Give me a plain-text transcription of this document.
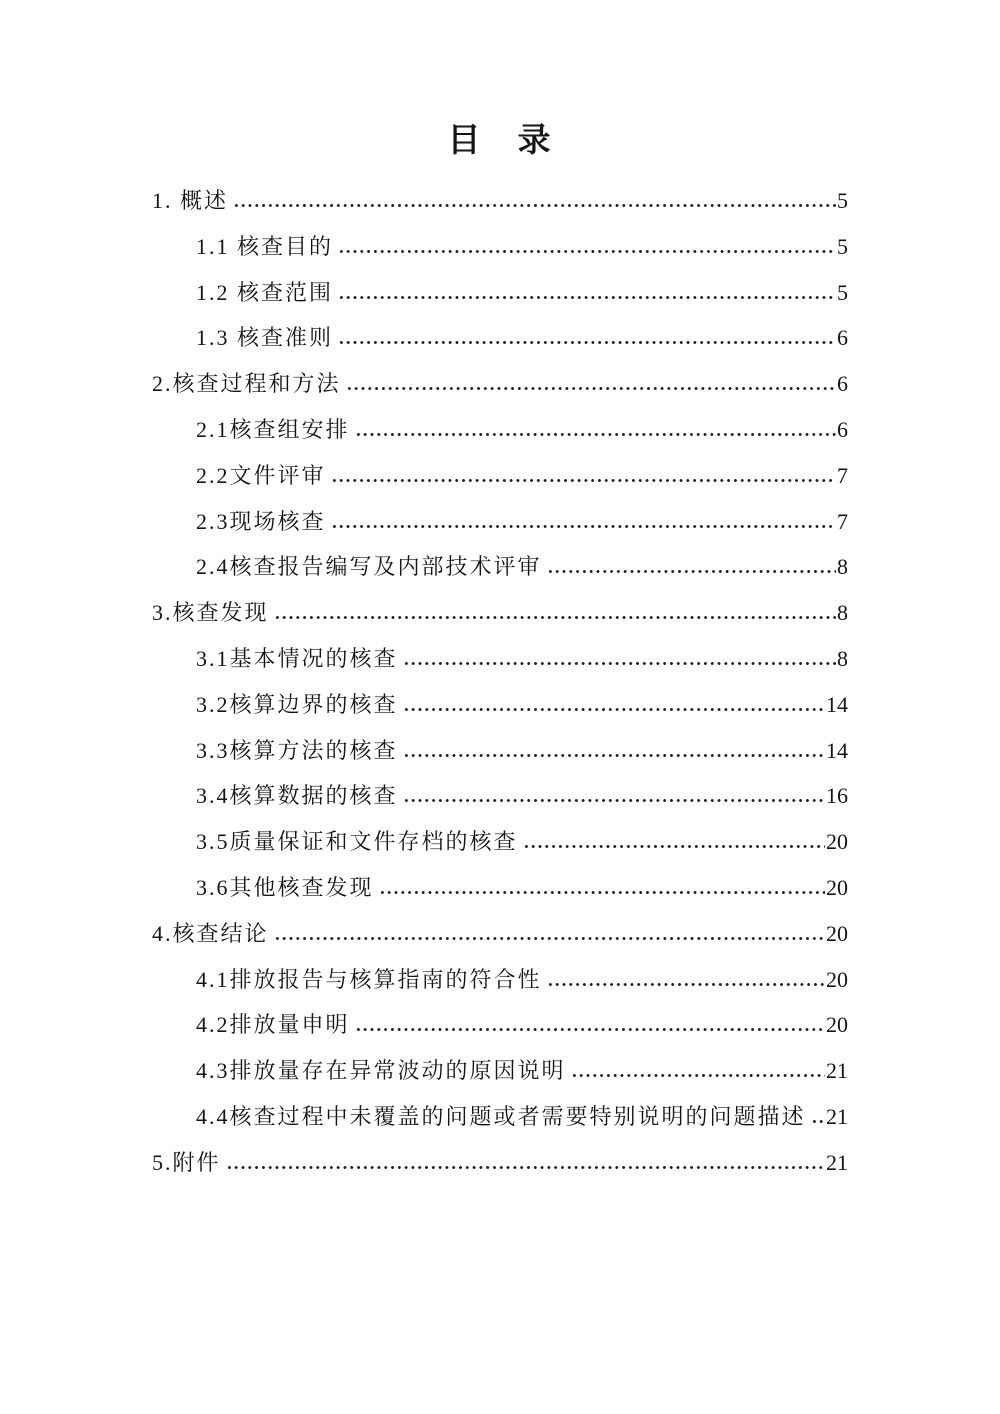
目　录
1. 概述	5
1.1 核查目的	5
1.2 核查范围	5
1.3 核查准则	6
2.核查过程和方法	6
2.1核查组安排	6
2.2文件评审	7
2.3现场核查	7
2.4核查报告编写及内部技术评审	8
3.核查发现	8
3.1基本情况的核查	8
3.2核算边界的核查	14
3.3核算方法的核查	14
3.4核算数据的核查	16
3.5质量保证和文件存档的核查	20
3.6其他核查发现	20
4.核查结论	20
4.1排放报告与核算指南的符合性	20
4.2排放量申明	20
4.3排放量存在异常波动的原因说明	21
4.4核查过程中未覆盖的问题或者需要特别说明的问题描述 21
5.附件	21
